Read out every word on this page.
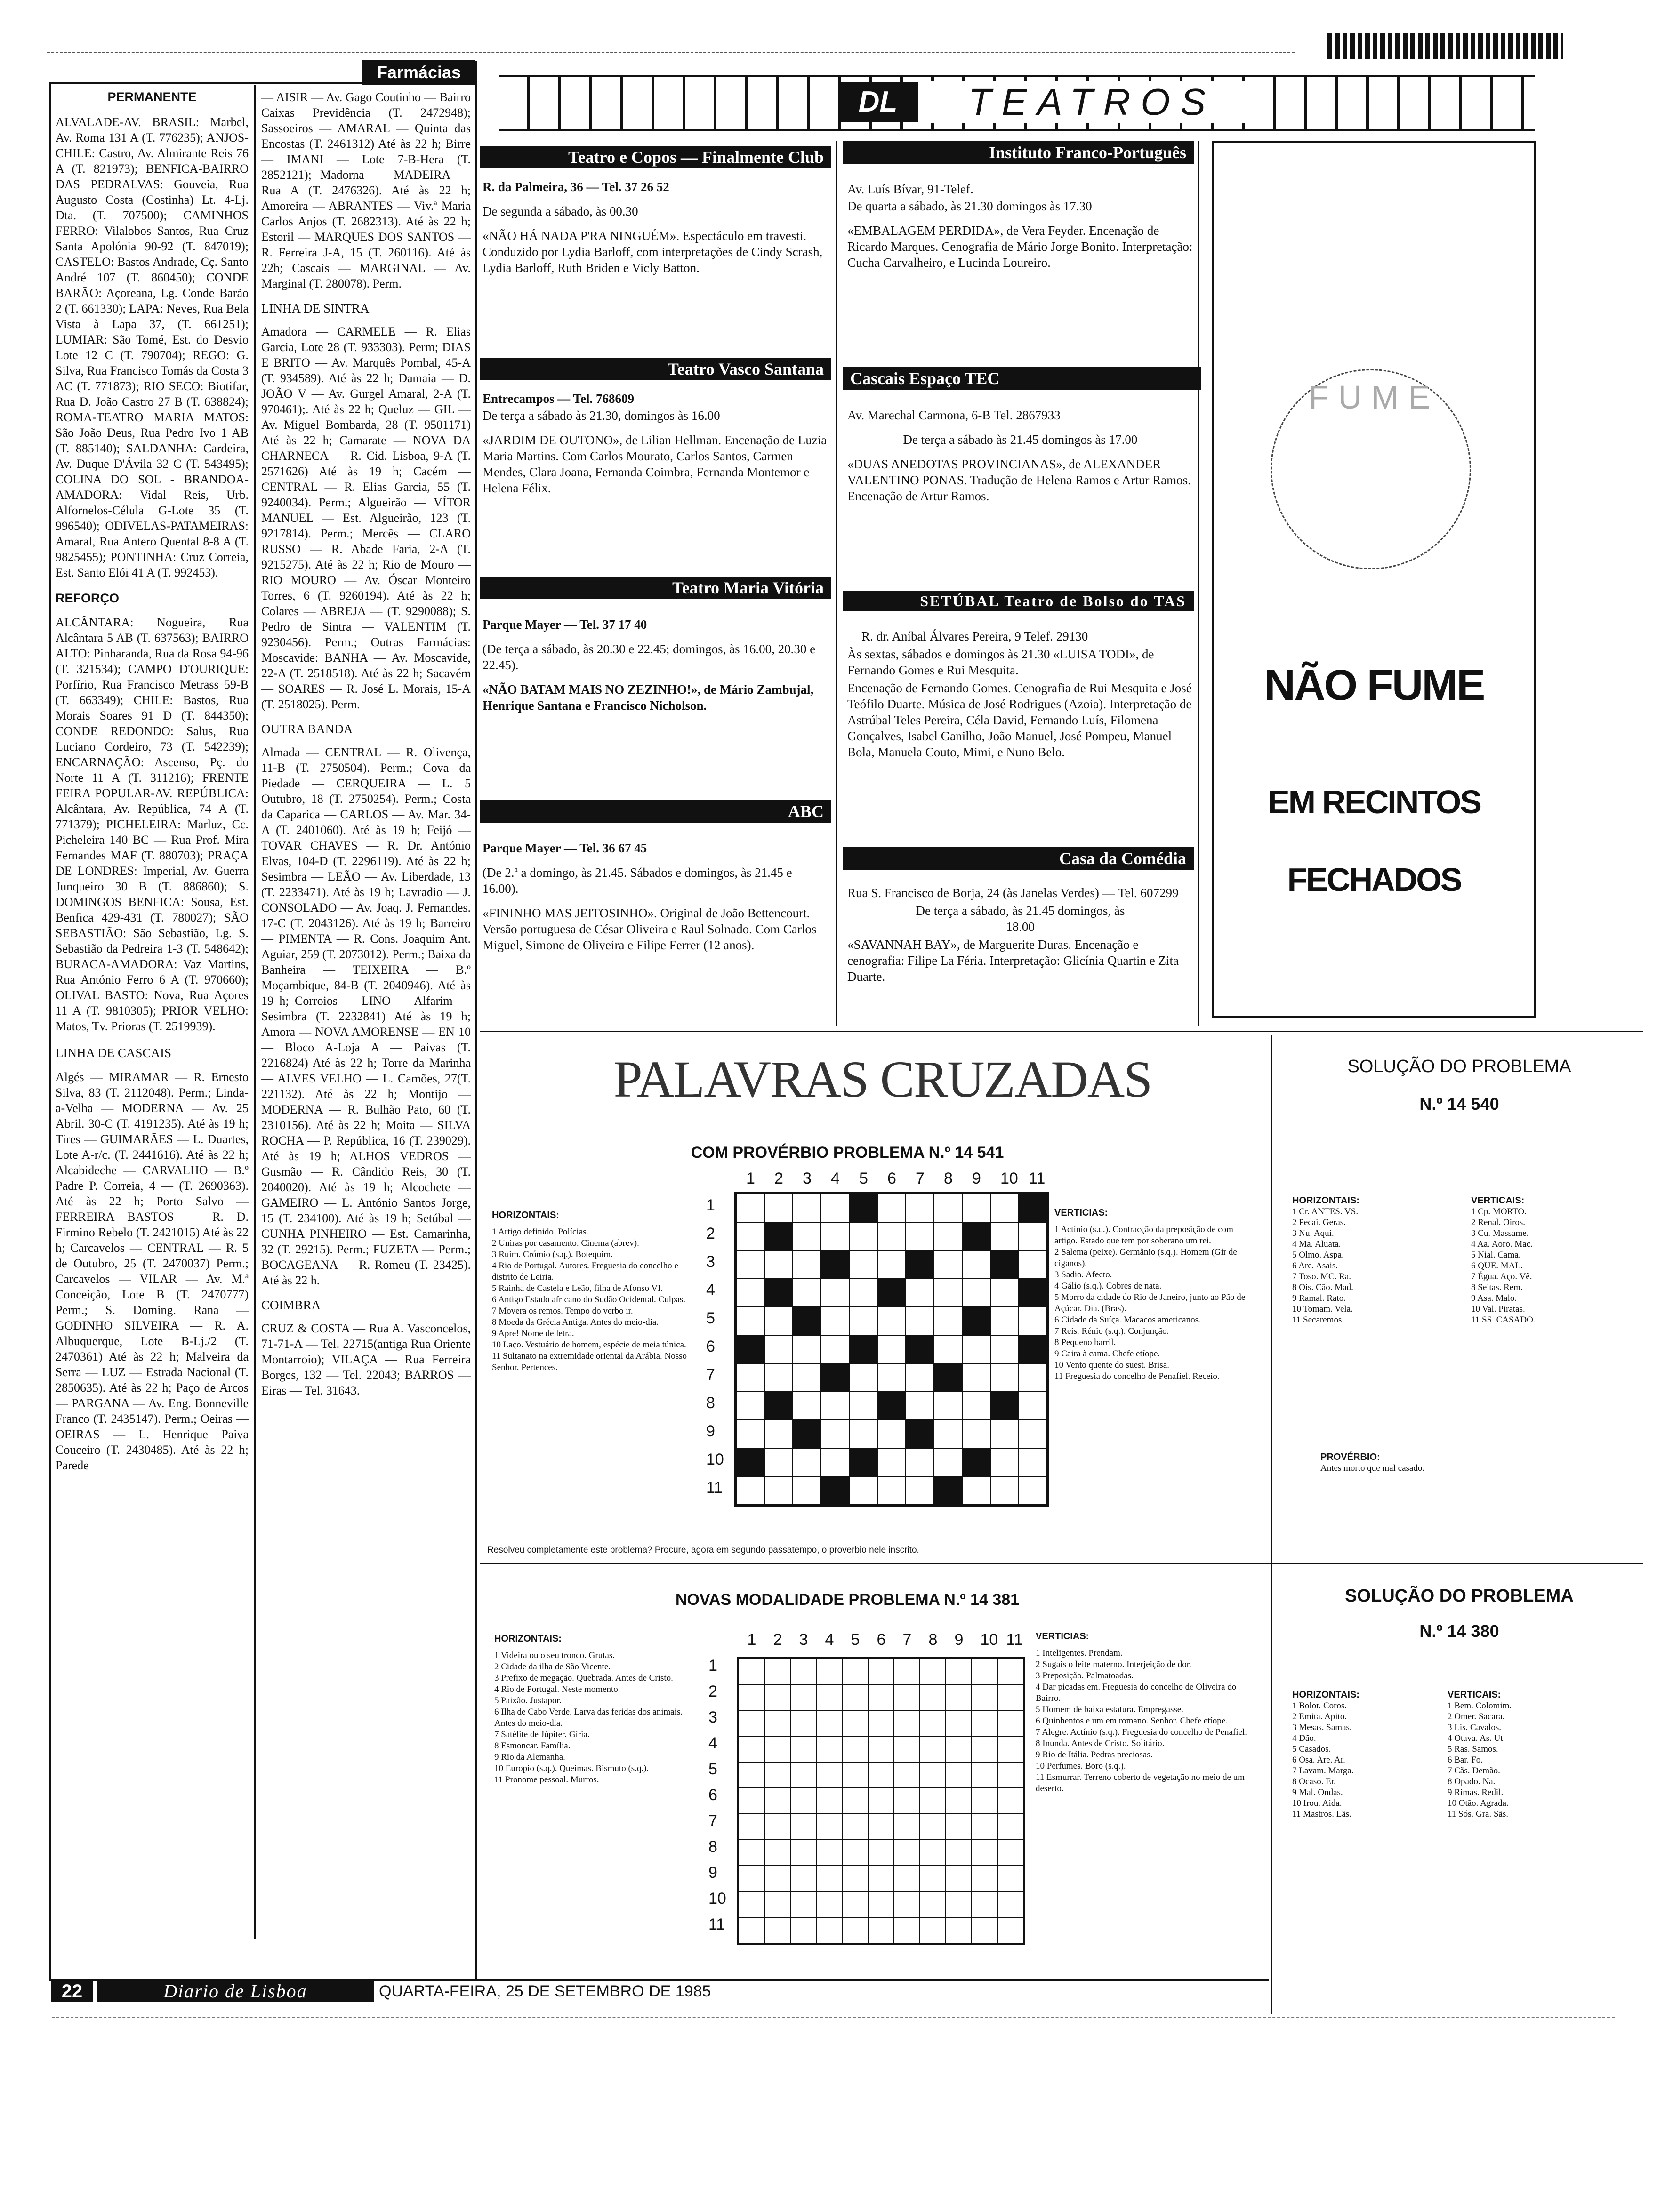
Farmácias
PERMANENTE

ALVALADE-AV. BRASIL: Marbel, Av. Roma 131 A (T. 776235); ANJOS-CHILE: Castro, Av. Almirante Reis 76 A (T. 821973); BENFICA-BAIRRO DAS PEDRALVAS: Gouveia, Rua Augusto Costa (Costinha) Lt. 4-Lj. Dta. (T. 707500); CAMINHOS FERRO: Vilalobos Santos, Rua Cruz Santa Apolónia 90-92 (T. 847019); CASTELO: Bastos Andrade, Cç. Santo André 107 (T. 860450); CONDE BARÃO: Açoreana, Lg. Conde Barão 2 (T. 661330); LAPA: Neves, Rua Bela Vista à Lapa 37, (T. 661251); LUMIAR: São Tomé, Est. do Desvio Lote 12 C (T. 790704); REGO: G. Silva, Rua Francisco Tomás da Costa 3 AC (T. 771873); RIO SECO: Biotifar, Rua D. João Castro 27 B (T. 638824); ROMA-TEATRO MARIA MATOS: São João Deus, Rua Pedro Ivo 1 AB (T. 885140); SALDANHA: Cardeira, Av. Duque D'Ávila 32 C (T. 543495); COLINA DO SOL - BRANDOA-AMADORA: Vidal Reis, Urb. Alfornelos-Célula G-Lote 35 (T. 996540); ODIVELAS-PATAMEIRAS: Amaral, Rua Antero Quental 8-8 A (T. 9825455); PONTINHA: Cruz Correia, Est. Santo Elói 41 A (T. 992453).

REFORÇO

ALCÂNTARA: Nogueira, Rua Alcântara 5 AB (T. 637563); BAIRRO ALTO: Pinharanda, Rua da Rosa 94-96 (T. 321534); CAMPO D'OURIQUE: Porfírio, Rua Francisco Metrass 59-B (T. 663349); CHILE: Bastos, Rua Morais Soares 91 D (T. 844350); CONDE REDONDO: Salus, Rua Luciano Cordeiro, 73 (T. 542239); ENCARNAÇÃO: Ascenso, Pç. do Norte 11 A (T. 311216); FRENTE FEIRA POPULAR-AV. REPÚBLICA: Alcântara, Av. República, 74 A (T. 771379); PICHELEIRA: Marluz, Cc. Picheleira 140 BC — Rua Prof. Mira Fernandes MAF (T. 880703); PRAÇA DE LONDRES: Imperial, Av. Guerra Junqueiro 30 B (T. 886860); S. DOMINGOS BENFICA: Sousa, Est. Benfica 429-431 (T. 780027); SÃO SEBASTIÃO: São Sebastião, Lg. S. Sebastião da Pedreira 1-3 (T. 548642); BURACA-AMADORA: Vaz Martins, Rua António Ferro 6 A (T. 970660); OLIVAL BASTO: Nova, Rua Açores 11 A (T. 9810305); PRIOR VELHO: Matos, Tv. Prioras (T. 2519939).

LINHA DE CASCAIS

Algés — MIRAMAR — R. Ernesto Silva, 83 (T. 2112048). Perm.; Linda-a-Velha — MODERNA — Av. 25 Abril. 30-C (T. 4191235). Até às 19 h; Tires — GUIMARÃES — L. Duartes, Lote A-r/c. (T. 2441616). Até às 22 h; Alcabideche — CARVALHO — B.º Padre P. Correia, 4 — (T. 2690363). Até às 22 h; Porto Salvo — FERREIRA BASTOS — R. D. Firmino Rebelo (T. 2421015) Até às 22 h; Carcavelos — CENTRAL — R. 5 de Outubro, 25 (T. 2470037) Perm.; Carcavelos — VILAR — Av. M.ª Conceição, Lote B (T. 2470777) Perm.; S. Doming. Rana — GODINHO SILVEIRA — R. A. Albuquerque, Lote B-Lj./2 (T. 2470361) Até às 22 h; Malveira da Serra — LUZ — Estrada Nacional (T. 2850635). Até às 22 h; Paço de Arcos — PARGANA — Av. Eng. Bonneville Franco (T. 2435147). Perm.; Oeiras — OEIRAS — L. Henrique Paiva Couceiro (T. 2430485). Até às 22 h; Parede

— AISIR — Av. Gago Coutinho — Bairro Caixas Previdência (T. 2472948); Sassoeiros — AMARAL — Quinta das Encostas (T. 2461312) Até às 22 h; Birre — IMANI — Lote 7-B-Hera (T. 2852121); Madorna — MADEIRA — Rua A (T. 2476326). Até às 22 h; Amoreira — ABRANTES — Viv.ª Maria Carlos Anjos (T. 2682313). Até às 22 h; Estoril — MARQUES DOS SANTOS — R. Ferreira J-A, 15 (T. 260116). Até às 22h; Cascais — MARGINAL — Av. Marginal (T. 280078). Perm.

LINHA DE SINTRA

Amadora — CARMELE — R. Elias Garcia, Lote 28 (T. 933303). Perm; DIAS E BRITO — Av. Marquês Pombal, 45-A (T. 934589). Até às 22 h; Damaia — D. JOÃO V — Av. Gurgel Amaral, 2-A (T. 970461);. Até às 22 h; Queluz — GIL — Av. Miguel Bombarda, 28 (T. 9501171) Até às 22 h; Camarate — NOVA DA CHARNECA — R. Cid. Lisboa, 9-A (T. 2571626) Até às 19 h; Cacém — CENTRAL — R. Elias Garcia, 55 (T. 9240034). Perm.; Algueirão — VÍTOR MANUEL — Est. Algueirão, 123 (T. 9217814). Perm.; Mercês — CLARO RUSSO — R. Abade Faria, 2-A (T. 9215275). Até às 22 h; Rio de Mouro — RIO MOURO — Av. Óscar Monteiro Torres, 6 (T. 9260194). Até às 22 h; Colares — ABREJA — (T. 9290088); S. Pedro de Sintra — VALENTIM (T. 9230456). Perm.; Outras Farmácias: Moscavide: BANHA — Av. Moscavide, 22-A (T. 2518518). Até às 22 h; Sacavém — SOARES — R. José L. Morais, 15-A (T. 2518025). Perm.

OUTRA BANDA

Almada — CENTRAL — R. Olivença, 11-B (T. 2750504). Perm.; Cova da Piedade — CERQUEIRA — L. 5 Outubro, 18 (T. 2750254). Perm.; Costa da Caparica — CARLOS — Av. Mar. 34-A (T. 2401060). Até às 19 h; Feijó — TOVAR CHAVES — R. Dr. António Elvas, 104-D (T. 2296119). Até às 22 h; Sesimbra — LEÃO — Av. Liberdade, 13 (T. 2233471). Até às 19 h; Lavradio — J. CONSOLADO — Av. Joaq. J. Fernandes. 17-C (T. 2043126). Até às 19 h; Barreiro — PIMENTA — R. Cons. Joaquim Ant. Aguiar, 259 (T. 2073012). Perm.; Baixa da Banheira — TEIXEIRA — B.º Moçambique, 84-B (T. 2040946). Até às 19 h; Corroios — LINO — Alfarim — Sesimbra (T. 2232841) Até às 19 h; Amora — NOVA AMORENSE — EN 10 — Bloco A-Loja A — Paivas (T. 2216824) Até às 22 h; Torre da Marinha — ALVES VELHO — L. Camões, 27(T. 221132). Até às 22 h; Montijo — MODERNA — R. Bulhão Pato, 60 (T. 2310156). Até às 22 h; Moita — SILVA ROCHA — P. República, 16 (T. 239029). Até às 19 h; ALHOS VEDROS — Gusmão — R. Cândido Reis, 30 (T. 2040020). Até às 19 h; Alcochete — GAMEIRO — L. António Santos Jorge, 15 (T. 234100). Até às 19 h; Setúbal — CUNHA PINHEIRO — Est. Camarinha, 32 (T. 29215). Perm.; FUZETA — Perm.; BOCAGEANA — R. Romeu (T. 23425). Até às 22 h.

COIMBRA

CRUZ & COSTA — Rua A. Vasconcelos, 71-71-A — Tel. 22715(antiga Rua Oriente Montarroio); VILAÇA — Rua Ferreira Borges, 132 — Tel. 22043; BARROS — Eiras — Tel. 31643.

DL	TEATROS
Teatro e Copos — Finalmente Club

R. da Palmeira, 36 — Tel. 37 26 52

De segunda a sábado, às 00.30

«NÃO HÁ NADA P'RA NINGUÉM». Espectáculo em travesti. Conduzido por Lydia Barloff, com interpretações de Cindy Scrash, Lydia Barloff, Ruth Briden e Vicly Batton.

Teatro Vasco Santana

Entrecampos — Tel. 768609

De terça a sábado às 21.30, domingos às 16.00

«JARDIM DE OUTONO», de Lilian Hellman. Encenação de Luzia Maria Martins. Com Carlos Mourato, Carlos Santos, Carmen Mendes, Clara Joana, Fernanda Coimbra, Fernanda Montemor e Helena Félix.

Teatro Maria Vitória

Parque Mayer — Tel. 37 17 40

(De terça a sábado, às 20.30 e 22.45; domingos, às 16.00, 20.30 e 22.45).

«NÃO BATAM MAIS NO ZEZINHO!», de Mário Zambujal, Henrique Santana e Francisco Nicholson.

ABC

Parque Mayer — Tel. 36 67 45

(De 2.ª a domingo, às 21.45. Sábados e domingos, às 21.45 e 16.00).

«FININHO MAS JEITOSINHO». Original de João Bettencourt. Versão portuguesa de César Oliveira e Raul Solnado. Com Carlos Miguel, Simone de Oliveira e Filipe Ferrer (12 anos).

Instituto Franco-Português

Av. Luís Bívar, 91-Telef.

De quarta a sábado, às 21.30 domingos às 17.30

«EMBALAGEM PERDIDA», de Vera Feyder. Encenação de Ricardo Marques. Cenografia de Mário Jorge Bonito. Interpretação: Cucha Carvalheiro, e Lucinda Loureiro.

Cascais Espaço TEC

Av. Marechal Carmona, 6-B Tel. 2867933

De terça a sábado às 21.45 domingos às 17.00

«DUAS ANEDOTAS PROVINCIANAS», de ALEXANDER VALENTINO PONAS. Tradução de Helena Ramos e Artur Ramos. Encenação de Artur Ramos.

SETÚBAL Teatro de Bolso do TAS

R. dr. Aníbal Álvares Pereira, 9 Telef. 29130

Às sextas, sábados e domingos às 21.30 «LUISA TODI», de Fernando Gomes e Rui Mesquita.

Encenação de Fernando Gomes. Cenografia de Rui Mesquita e José Teófilo Duarte. Música de José Rodrigues (Azoia). Interpretação de Astrúbal Teles Pereira, Céla David, Fernando Luís, Filomena Gonçalves, Isabel Ganilho, João Manuel, José Pompeu, Manuel Bola, Manuela Couto, Mimi, e Nuno Belo.

Casa da Comédia

Rua S. Francisco de Borja, 24 (às Janelas Verdes) — Tel. 607299

De terça a sábado, às 21.45 domingos, às 18.00

«SAVANNAH BAY», de Marguerite Duras. Encenação e cenografia: Filipe La Féria. Interpretação: Glicínia Quartin e Zita Duarte.

FUME
NÃO FUME
EM RECINTOS
FECHADOS
PALAVRAS CRUZADAS
COM PROVÉRBIO PROBLEMA N.º 14 541
HORIZONTAIS:
1 Artigo definido. Polícias.
2 Uniras por casamento. Cinema (abrev).
3 Ruim. Crómio (s.q.). Botequim.
4 Rio de Portugal. Autores. Freguesia do concelho e distrito de Leiria.
5 Rainha de Castela e Leão, filha de Afonso VI.
6 Antigo Estado africano do Sudão Ocidental. Culpas.
7 Movera os remos. Tempo do verbo ir.
8 Moeda da Grécia Antiga. Antes do meio-dia.
9 Apre! Nome de letra.
10 Laço. Vestuário de homem, espécie de meia túnica.
11 Sultanato na extremidade oriental da Arábia. Nosso Senhor. Pertences.
1 2 3 4 5 6 7 8 9 10 11
1
2
3
4
5
6
7
8
9
10
11
VERTICIAS:
1 Actínio (s.q.). Contracção da preposição de com artigo. Estado que tem por soberano um rei.
2 Salema (peixe). Germânio (s.q.). Homem (Gír de ciganos).
3 Sadio. Afecto.
4 Gálio (s.q.). Cobres de nata.
5 Morro da cidade do Rio de Janeiro, junto ao Pão de Açúcar. Dia. (Bras).
6 Cidade da Suíça. Macacos americanos.
7 Reis. Rénio (s.q.). Conjunção.
8 Pequeno barril.
9 Caira à cama. Chefe etíope.
10 Vento quente do suest. Brisa.
11 Freguesia do concelho de Penafiel. Receio.
Resolveu completamente este problema? Procure, agora em segundo passatempo, o proverbio nele inscrito.
NOVAS MODALIDADE PROBLEMA N.º 14 381
HORIZONTAIS:
1 Videira ou o seu tronco. Grutas.
2 Cidade da ilha de São Vicente.
3 Prefixo de megação. Quebrada. Antes de Cristo.
4 Rio de Portugal. Neste momento.
5 Paixão. Justapor.
6 Ilha de Cabo Verde. Larva das feridas dos animais. Antes do meio-dia.
7 Satélite de Júpiter. Gíria.
8 Esmoncar. Família.
9 Rio da Alemanha.
10 Europio (s.q.). Queimas. Bismuto (s.q.).
11 Pronome pessoal. Murros.
1 2 3 4 5 6 7 8 9 10 11
1
2
3
4
5
6
7
8
9
10
11
VERTICIAS:
1 Inteligentes. Prendam.
2 Sugais o leite materno. Interjeição de dor.
3 Preposição. Palmatoadas.
4 Dar picadas em. Freguesia do concelho de Oliveira do Bairro.
5 Homem de baixa estatura. Empregasse.
6 Quinhentos e um em romano. Senhor. Chefe etíope.
7 Alegre. Actínio (s.q.). Freguesia do concelho de Penafiel.
8 Inunda. Antes de Cristo. Solitário.
9 Rio de Itália. Pedras preciosas.
10 Perfumes. Boro (s.q.).
11 Esmurrar. Terreno coberto de vegetação no meio de um deserto.
SOLUÇÃO DO PROBLEMA
N.º 14 540
HORIZONTAIS:
1 Cr. ANTES. VS.
2 Pecai. Geras.
3 Nu. Aqui.
4 Ma. Aluata.
5 Olmo. Aspa.
6 Arc. Asais.
7 Toso. MC. Ra.
8 Ois. Cão. Mad.
9 Ramal. Rato.
10 Tomam. Vela.
11 Secaremos.
VERTICAIS:
1 Cp. MORTO.
2 Renal. Oiros.
3 Cu. Massame.
4 Aa. Aoro. Mac.
5 Nial. Cama.
6 QUE. MAL.
7 Égua. Aço. Vê.
8 Seitas. Rem.
9 Asa. Malo.
10 Val. Piratas.
11 SS. CASADO.
PROVÉRBIO:
Antes morto que mal casado.
SOLUÇÃO DO PROBLEMA
N.º 14 380
HORIZONTAIS:
1 Bolor. Coros.
2 Emita. Apito.
3 Mesas. Samas.
4 Dão.
5 Casados.
6 Osa. Are. Ar.
7 Lavam. Marga.
8 Ocaso. Er.
9 Mal. Ondas.
10 Irou. Aida.
11 Mastros. Lãs.
VERTICAIS:
1 Bem. Colomim.
2 Omer. Sacara.
3 Lis. Cavalos.
4 Otava. As. Ut.
5 Ras. Samos.
6 Bar. Fo.
7 Cãs. Demão.
8 Opado. Na.
9 Rimas. Redil.
10 Otão. Agrada.
11 Sós. Gra. Sãs.
22	Diario de Lisboa	QUARTA-FEIRA, 25 DE SETEMBRO DE 1985
